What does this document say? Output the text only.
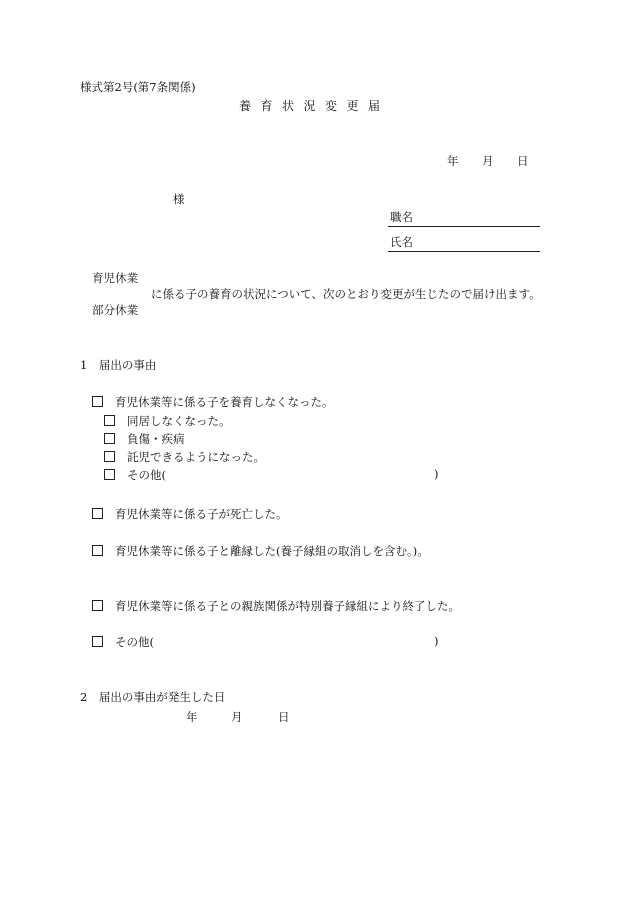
様式第2号(第7条関係)
養育状況変更届
年 月 日
様
職名
氏名
育児休業
に係る子の養育の状況について、次のとおり変更が生じたので届け出ます。
部分休業
1　届出の事由
育児休業等に係る子を養育しなくなった。
同居しなくなった。
負傷・疾病
託児できるようになった。
その他(	)
育児休業等に係る子が死亡した。
育児休業等に係る子と離縁した(養子縁組の取消しを含む。)。
育児休業等に係る子との親族関係が特別養子縁組により終了した。
その他(	)
2　届出の事由が発生した日
年	月	日
